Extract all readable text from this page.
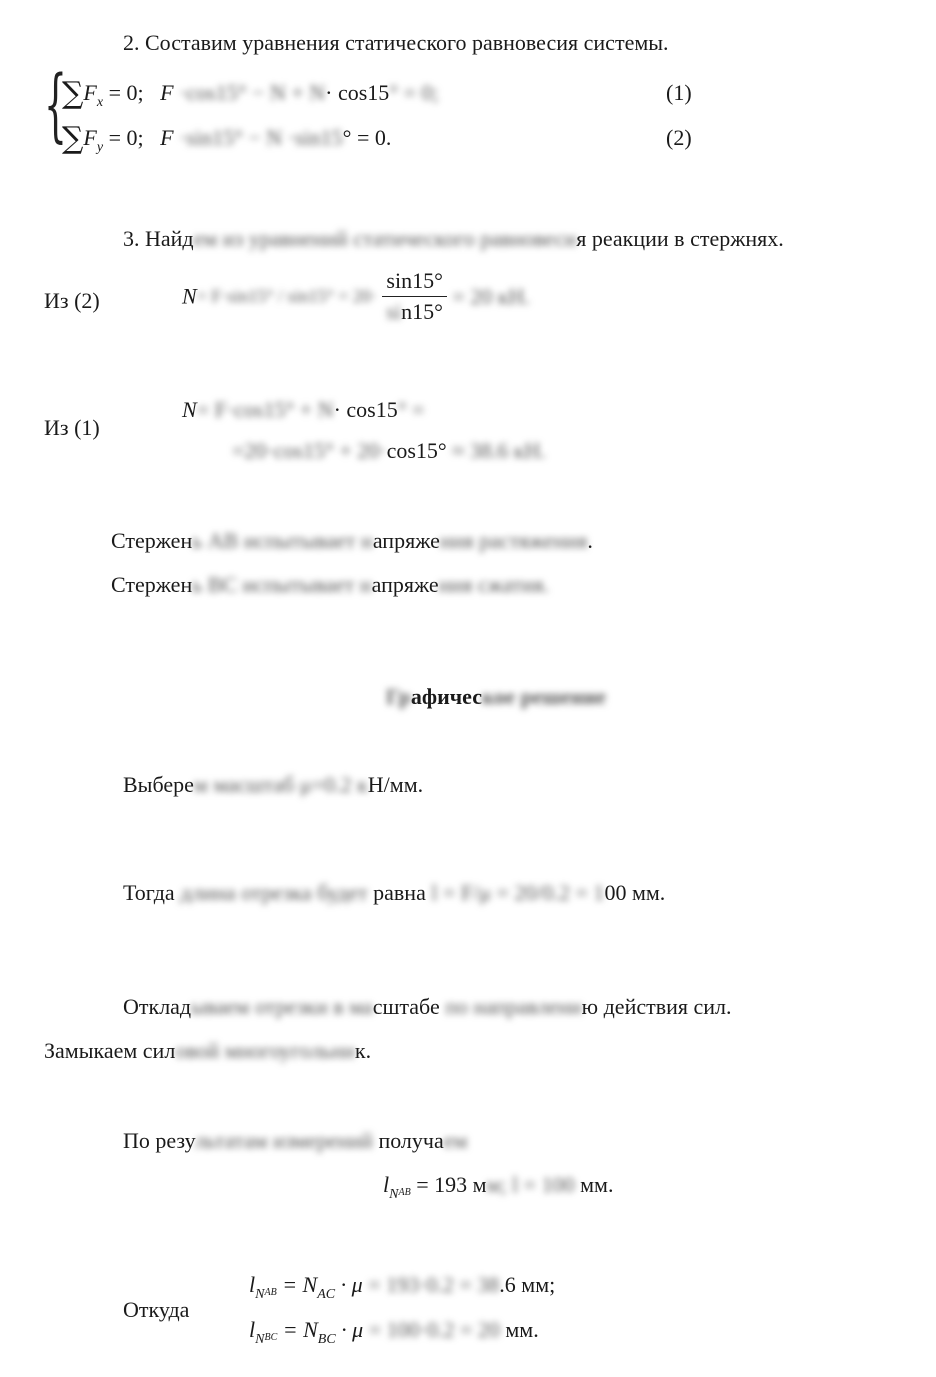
2. Составим уравнения статического равновесия системы.
{
$\sum F_x = 0$; F ·cos15° − N + N· cos15° = 0;	(1)
$\sum F_y = 0$; F ·sin15° − N ·sin15° = 0.	(2)
3. Найдем из уравнений статического равновесия реакции в стержнях.
Из (2)	$N= F\cdot\sin 15^\circ / \sin 15^\circ = 20\cdot \frac{\sin 15^\circ}{\sin 15^\circ} = 20$ кН.
Из (1)
N= F·cos15° + N· cos15° =
=20·cos15° + 20·cos15° ≈ 38.6 кН.
Стержень AB испытывает напряжения растяжения.
Стержень BC испытывает напряжения сжатия.
Графическое решение
Выберем масштаб μ=0.2 кН/мм.
Тогда длина отрезка будет равна l = F/μ = 20/0.2 = 100 мм.
Откладываем отрезки в масштабе по направлению действия сил.
Замыкаем силовой многоугольник.
По результатам измерений получаем
$l_NAB = 193$ мм; l = 100 мм.
Откуда
$l_NAB = N_{AC} \cdot \mu = 193\cdot 0.2 = 38.6$ мм;
$l_NBC = N_{BC} \cdot \mu = 100\cdot 0.2 = 20$ мм.
